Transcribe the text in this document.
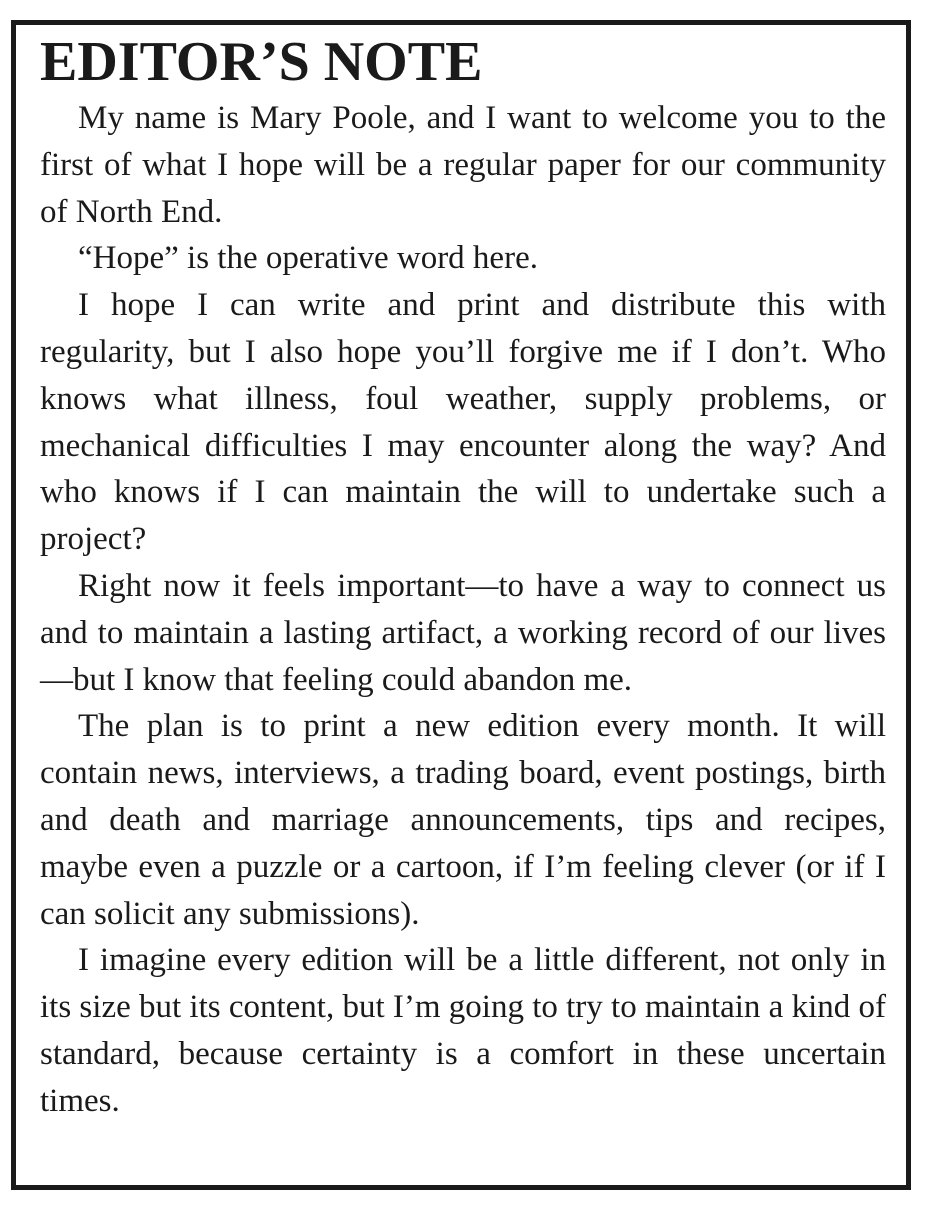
EDITOR’S NOTE

My name is Mary Poole, and I want to welcome you to the first of what I hope will be a regular paper for our community of North End.

“Hope” is the operative word here.

I hope I can write and print and distribute this with regularity, but I also hope you’ll forgive me if I don’t. Who knows what illness, foul weather, supply problems, or mechanical difficulties I may encounter along the way? And who knows if I can maintain the will to undertake such a project?

Right now it feels important—to have a way to connect us and to maintain a lasting artifact, a working record of our lives—but I know that feeling could abandon me.

The plan is to print a new edition every month. It will contain news, interviews, a trading board, event postings, birth and death and marriage announcements, tips and recipes, maybe even a puzzle or a cartoon, if I’m feeling clever (or if I can solicit any submissions).

I imagine every edition will be a little different, not only in its size but its content, but I’m going to try to maintain a kind of standard, because certainty is a comfort in these uncertain times.
